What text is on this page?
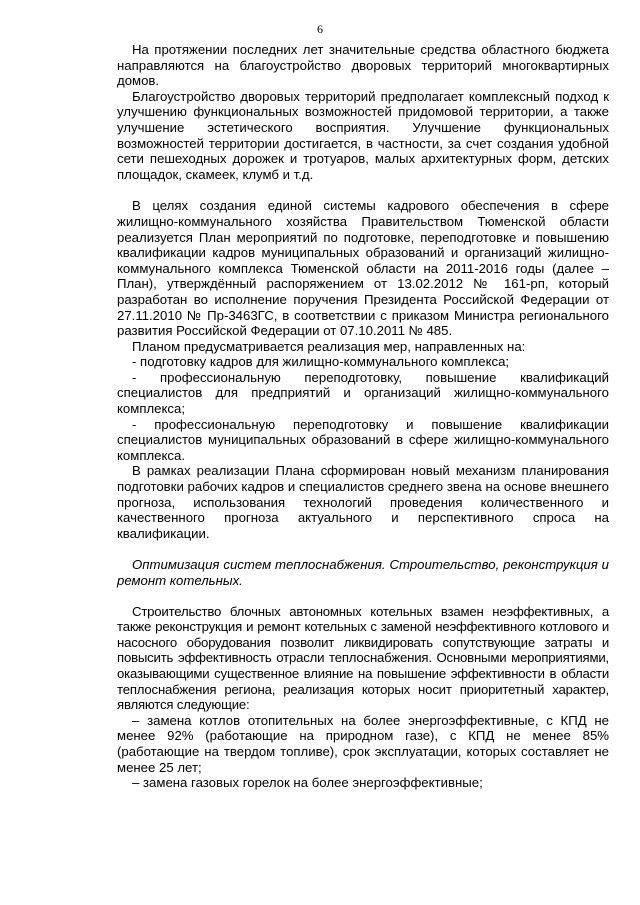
6

На протяжении последних лет значительные средства областного бюджета направляются на благоустройство дворовых территорий многоквартирных домов.

Благоустройство дворовых территорий предполагает комплексный подход к улучшению функциональных возможностей придомовой территории, а также улучшение эстетического восприятия. Улучшение функциональных возможностей территории достигается, в частности, за счет создания удобной сети пешеходных дорожек и тротуаров, малых архитектурных форм, детских площадок, скамеек, клумб и т.д.

В целях создания единой системы кадрового обеспечения в сфере жилищно-коммунального хозяйства Правительством Тюменской области реализуется План мероприятий по подготовке, переподготовке и повышению квалификации кадров муниципальных образований и организаций жилищно-коммунального комплекса Тюменской области на 2011-2016 годы (далее – План), утверждённый распоряжением от 13.02.2012 № 161-рп, который разработан во исполнение поручения Президента Российской Федерации от 27.11.2010 № Пр-3463ГС, в соответствии с приказом Министра регионального развития Российской Федерации от 07.10.2011 № 485.

Планом предусматривается реализация мер, направленных на:

- подготовку кадров для жилищно-коммунального комплекса;

- профессиональную переподготовку, повышение квалификаций специалистов для предприятий и организаций жилищно-коммунального комплекса;

- профессиональную переподготовку и повышение квалификации специалистов муниципальных образований в сфере жилищно-коммунального комплекса.

В рамках реализации Плана сформирован новый механизм планирования подготовки рабочих кадров и специалистов среднего звена на основе внешнего прогноза, использования технологий проведения количественного и качественного прогноза актуального и перспективного спроса на квалификации.

Оптимизация систем теплоснабжения. Строительство, реконструкция и ремонт котельных.

Строительство блочных автономных котельных взамен неэффективных, а также реконструкция и ремонт котельных с заменой неэффективного котлового и насосного оборудования позволит ликвидировать сопутствующие затраты и повысить эффективность отрасли теплоснабжения. Основными мероприятиями, оказывающими существенное влияние на повышение эффективности в области теплоснабжения региона, реализация которых носит приоритетный характер, являются следующие:

– замена котлов отопительных на более энергоэффективные, с КПД не менее 92% (работающие на природном газе), с КПД не менее 85% (работающие на твердом топливе), срок эксплуатации, которых составляет не менее 25 лет;

– замена газовых горелок на более энергоэффективные;
